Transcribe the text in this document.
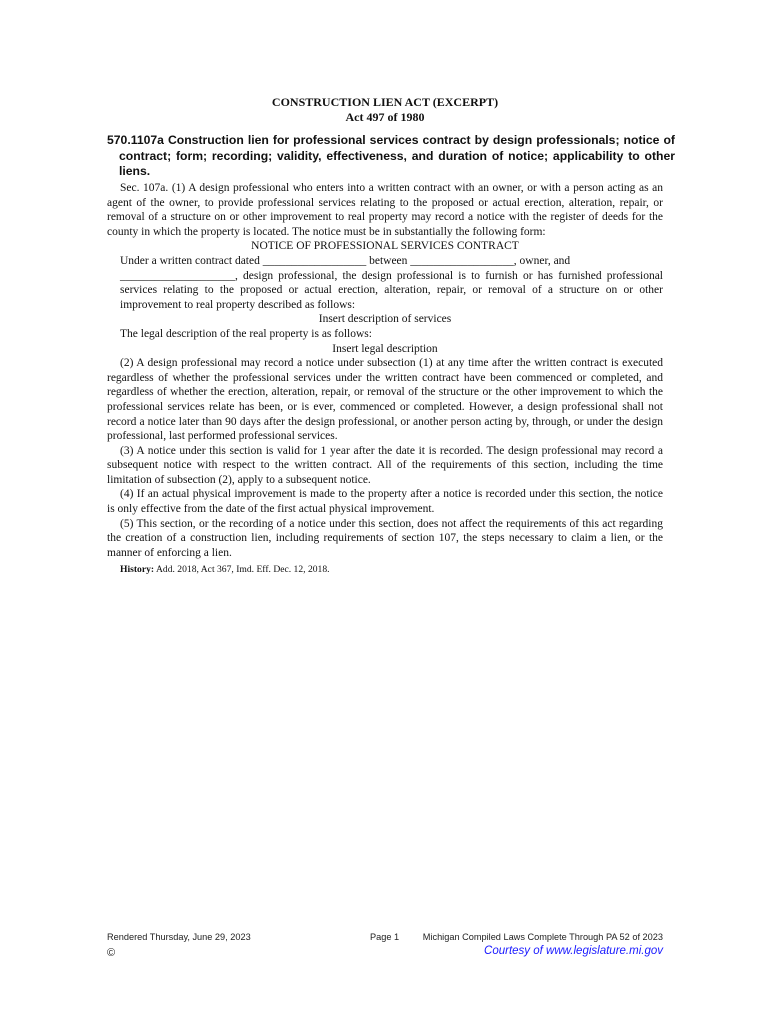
CONSTRUCTION LIEN ACT (EXCERPT)
Act 497 of 1980
570.1107a Construction lien for professional services contract by design professionals; notice of contract; form; recording; validity, effectiveness, and duration of notice; applicability to other liens.

Sec. 107a. (1) A design professional who enters into a written contract with an owner, or with a person acting as an agent of the owner, to provide professional services relating to the proposed or actual erection, alteration, repair, or removal of a structure on or other improvement to real property may record a notice with the register of deeds for the county in which the property is located. The notice must be in substantially the following form:

NOTICE OF PROFESSIONAL SERVICES CONTRACT

Under a written contract dated __________________ between __________________, owner, and
____________________, design professional, the design professional is to furnish or has furnished professional services relating to the proposed or actual erection, alteration, repair, or removal of a structure on or other improvement to real property described as follows:

Insert description of services

The legal description of the real property is as follows:

Insert legal description

(2) A design professional may record a notice under subsection (1) at any time after the written contract is executed regardless of whether the professional services under the written contract have been commenced or completed, and regardless of whether the erection, alteration, repair, or removal of the structure or the other improvement to which the professional services relate has been, or is ever, commenced or completed. However, a design professional shall not record a notice later than 90 days after the design professional, or another person acting by, through, or under the design professional, last performed professional services.

(3) A notice under this section is valid for 1 year after the date it is recorded. The design professional may record a subsequent notice with respect to the written contract. All of the requirements of this section, including the time limitation of subsection (2), apply to a subsequent notice.

(4) If an actual physical improvement is made to the property after a notice is recorded under this section, the notice is only effective from the date of the first actual physical improvement.

(5) This section, or the recording of a notice under this section, does not affect the requirements of this act regarding the creation of a construction lien, including requirements of section 107, the steps necessary to claim a lien, or the manner of enforcing a lien.

History: Add. 2018, Act 367, Imd. Eff. Dec. 12, 2018.

Rendered Thursday, June 29, 2023	Page 1	Michigan Compiled Laws Complete Through PA 52 of 2023
©	Courtesy of www.legislature.mi.gov
